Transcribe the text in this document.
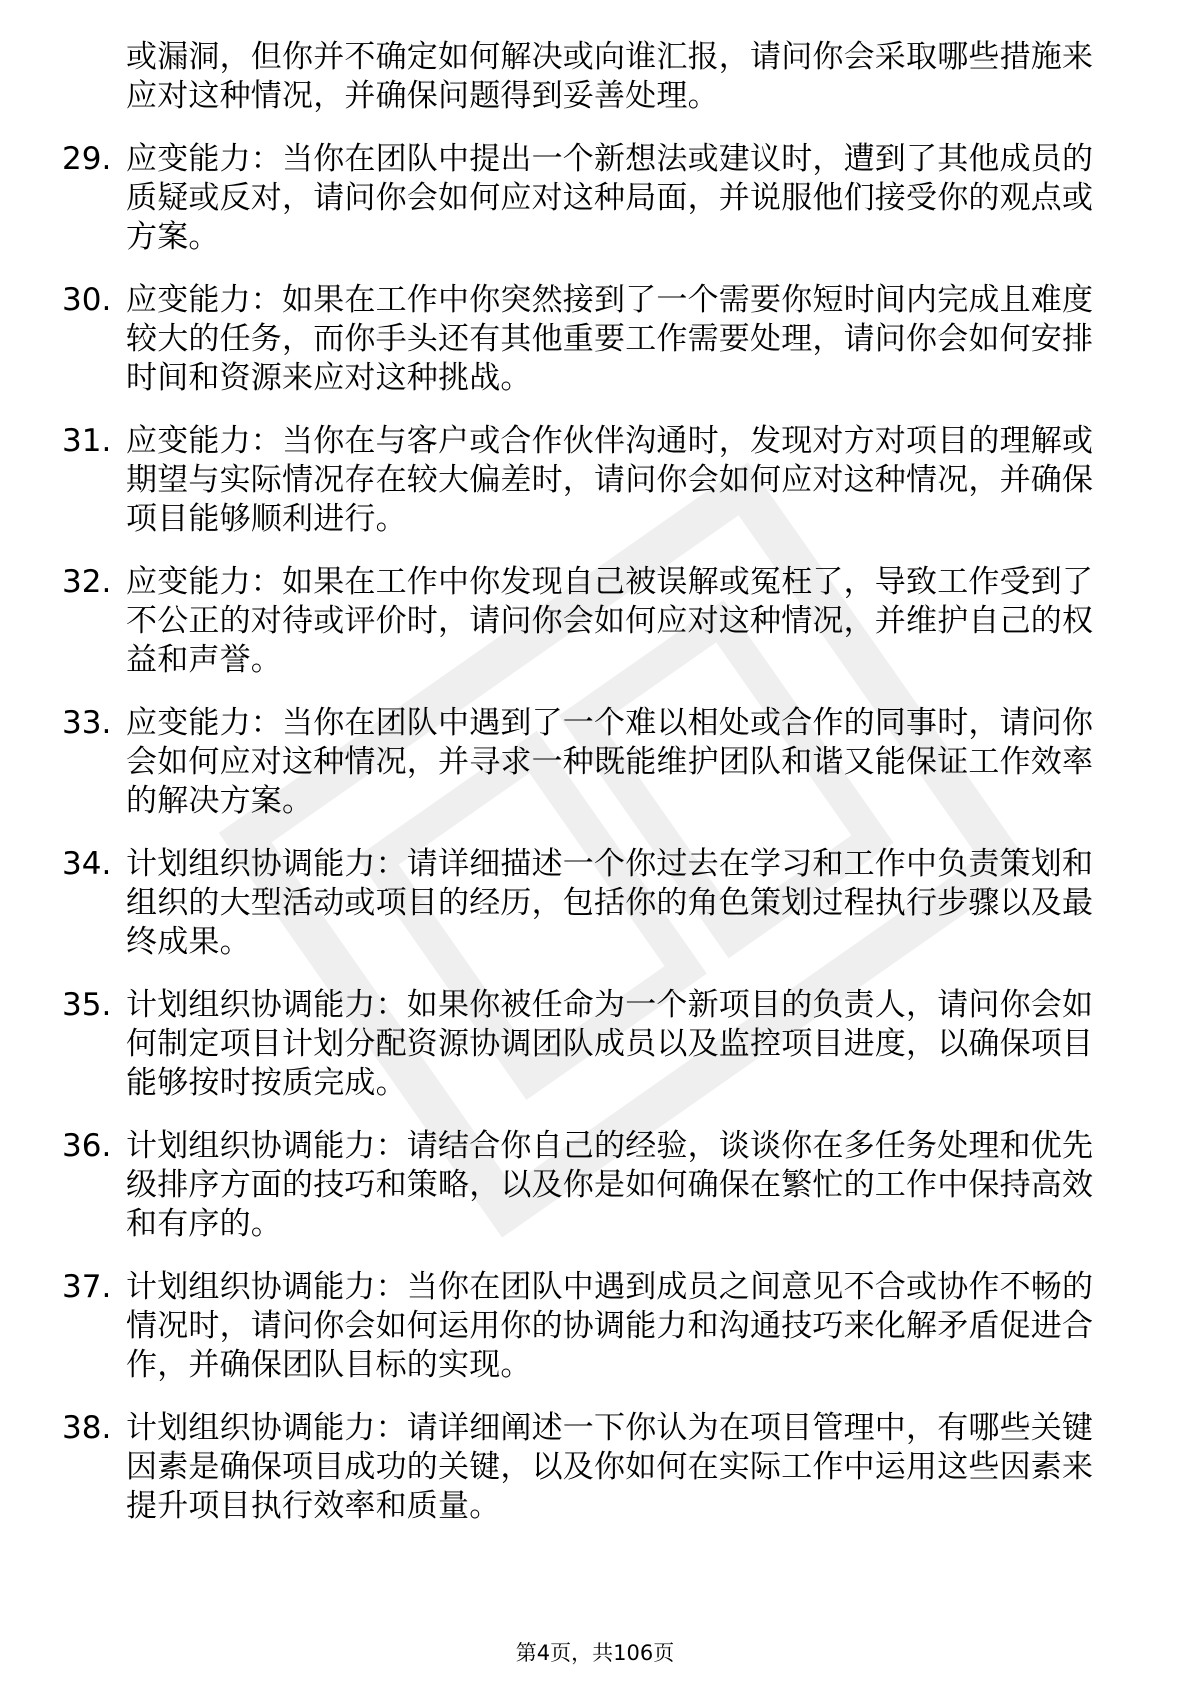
或漏洞，但你并不确定如何解决或向谁汇报，请问你会采取哪些措施来应对这种情况，并确保问题得到妥善处理。
29. 应变能力：当你在团队中提出一个新想法或建议时，遭到了其他成员的质疑或反对，请问你会如何应对这种局面，并说服他们接受你的观点或方案。
30. 应变能力：如果在工作中你突然接到了一个需要你短时间内完成且难度较大的任务，而你手头还有其他重要工作需要处理，请问你会如何安排时间和资源来应对这种挑战。
31. 应变能力：当你在与客户或合作伙伴沟通时，发现对方对项目的理解或期望与实际情况存在较大偏差时，请问你会如何应对这种情况，并确保项目能够顺利进行。
32. 应变能力：如果在工作中你发现自己被误解或冤枉了，导致工作受到了不公正的对待或评价时，请问你会如何应对这种情况，并维护自己的权益和声誉。
33. 应变能力：当你在团队中遇到了一个难以相处或合作的同事时，请问你会如何应对这种情况，并寻求一种既能维护团队和谐又能保证工作效率的解决方案。
34. 计划组织协调能力：请详细描述一个你过去在学习和工作中负责策划和组织的大型活动或项目的经历，包括你的角色策划过程执行步骤以及最终成果。
35. 计划组织协调能力：如果你被任命为一个新项目的负责人，请问你会如何制定项目计划分配资源协调团队成员以及监控项目进度，以确保项目能够按时按质完成。
36. 计划组织协调能力：请结合你自己的经验，谈谈你在多任务处理和优先级排序方面的技巧和策略，以及你是如何确保在繁忙的工作中保持高效和有序的。
37. 计划组织协调能力：当你在团队中遇到成员之间意见不合或协作不畅的情况时，请问你会如何运用你的协调能力和沟通技巧来化解矛盾促进合作，并确保团队目标的实现。
38. 计划组织协调能力：请详细阐述一下你认为在项目管理中，有哪些关键因素是确保项目成功的关键，以及你如何在实际工作中运用这些因素来提升项目执行效率和质量。
第4页，共106页
